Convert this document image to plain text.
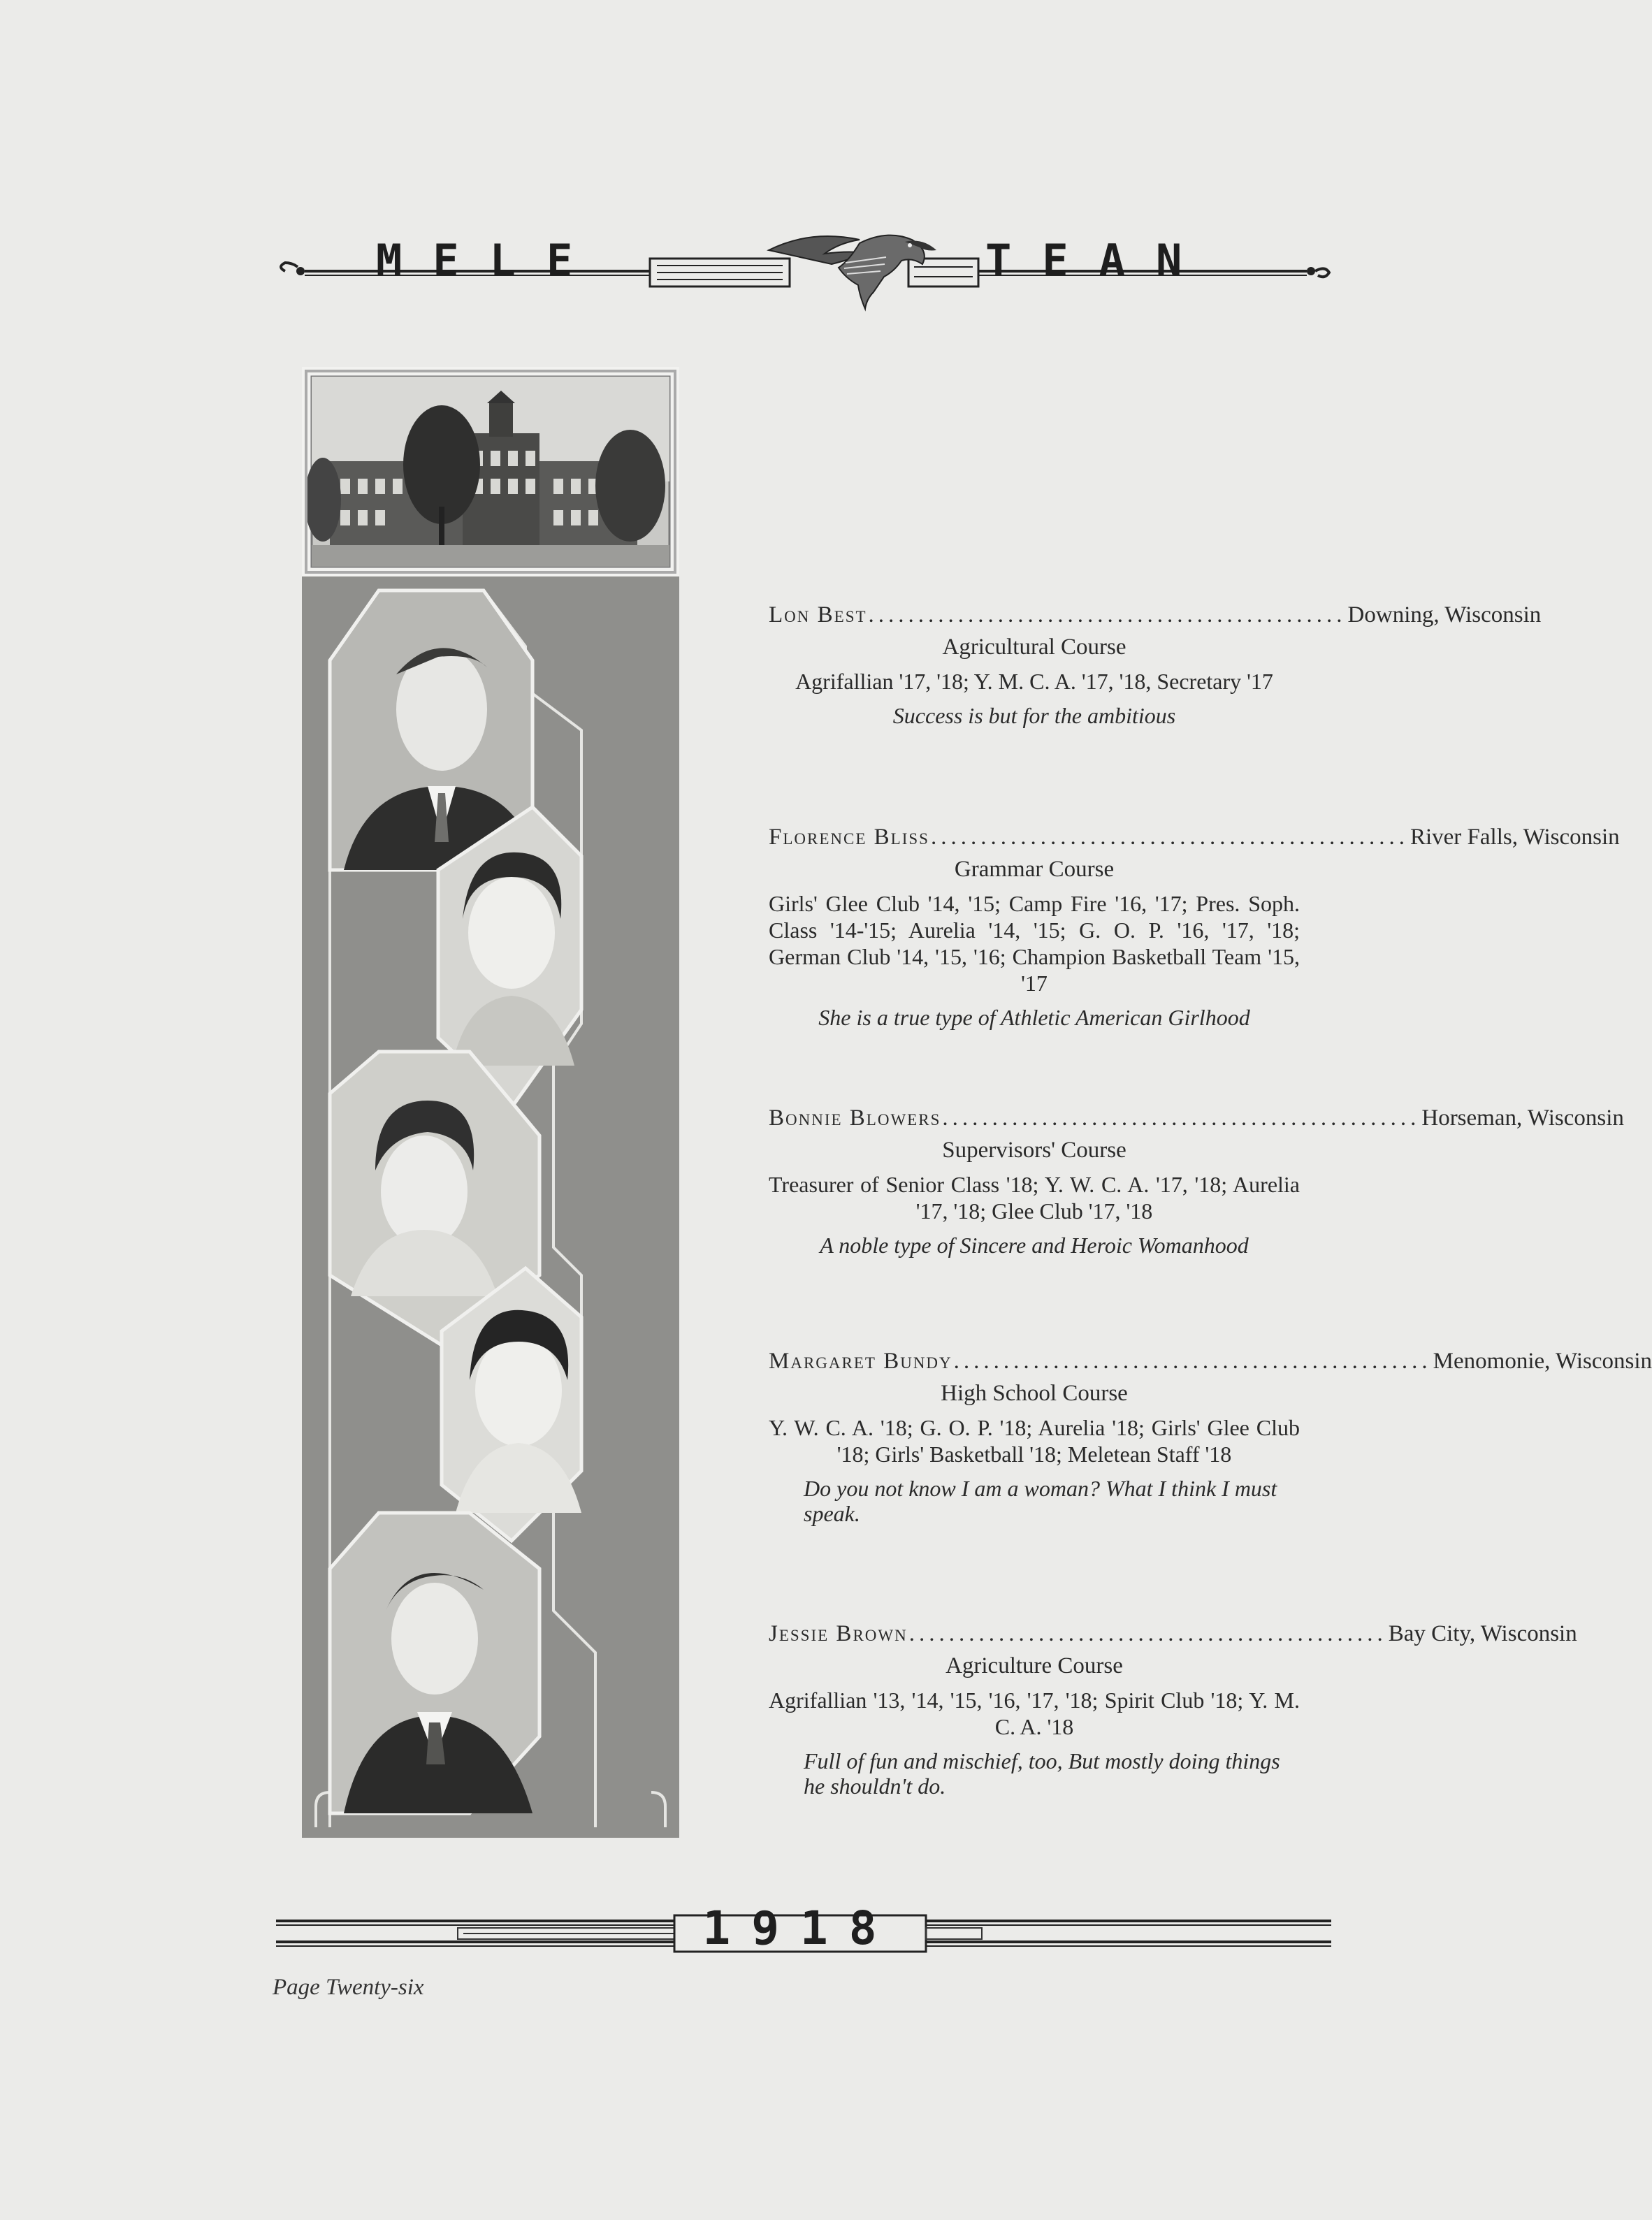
MELE	TEAN

Lon Best ................................................ Downing, Wisconsin

Agricultural Course

Agrifallian '17, '18; Y. M. C. A. '17, '18, Secretary '17

Success is but for the ambitious

Florence Bliss ................................................ River Falls, Wisconsin

Grammar Course

Girls' Glee Club '14, '15; Camp Fire '16, '17; Pres. Soph. Class '14-'15; Aurelia '14, '15; G. O. P. '16, '17, '18; German Club '14, '15, '16; Champion Basketball Team '15, '17

She is a true type of Athletic American Girlhood

Bonnie Blowers ................................................ Horseman, Wisconsin

Supervisors' Course

Treasurer of Senior Class '18; Y. W. C. A. '17, '18; Aurelia '17, '18; Glee Club '17, '18

A noble type of Sincere and Heroic Womanhood

Margaret Bundy ................................................ Menomonie, Wisconsin

High School Course

Y. W. C. A. '18; G. O. P. '18; Aurelia '18; Girls' Glee Club '18; Girls' Basketball '18; Meletean Staff '18

Do you not know I am a woman? What I think I must speak.

Jessie Brown ................................................ Bay City, Wisconsin

Agriculture Course

Agrifallian '13, '14, '15, '16, '17, '18; Spirit Club '18; Y. M. C. A. '18

Full of fun and mischief, too, But mostly doing things he shouldn't do.

1918
Page Twenty-six
